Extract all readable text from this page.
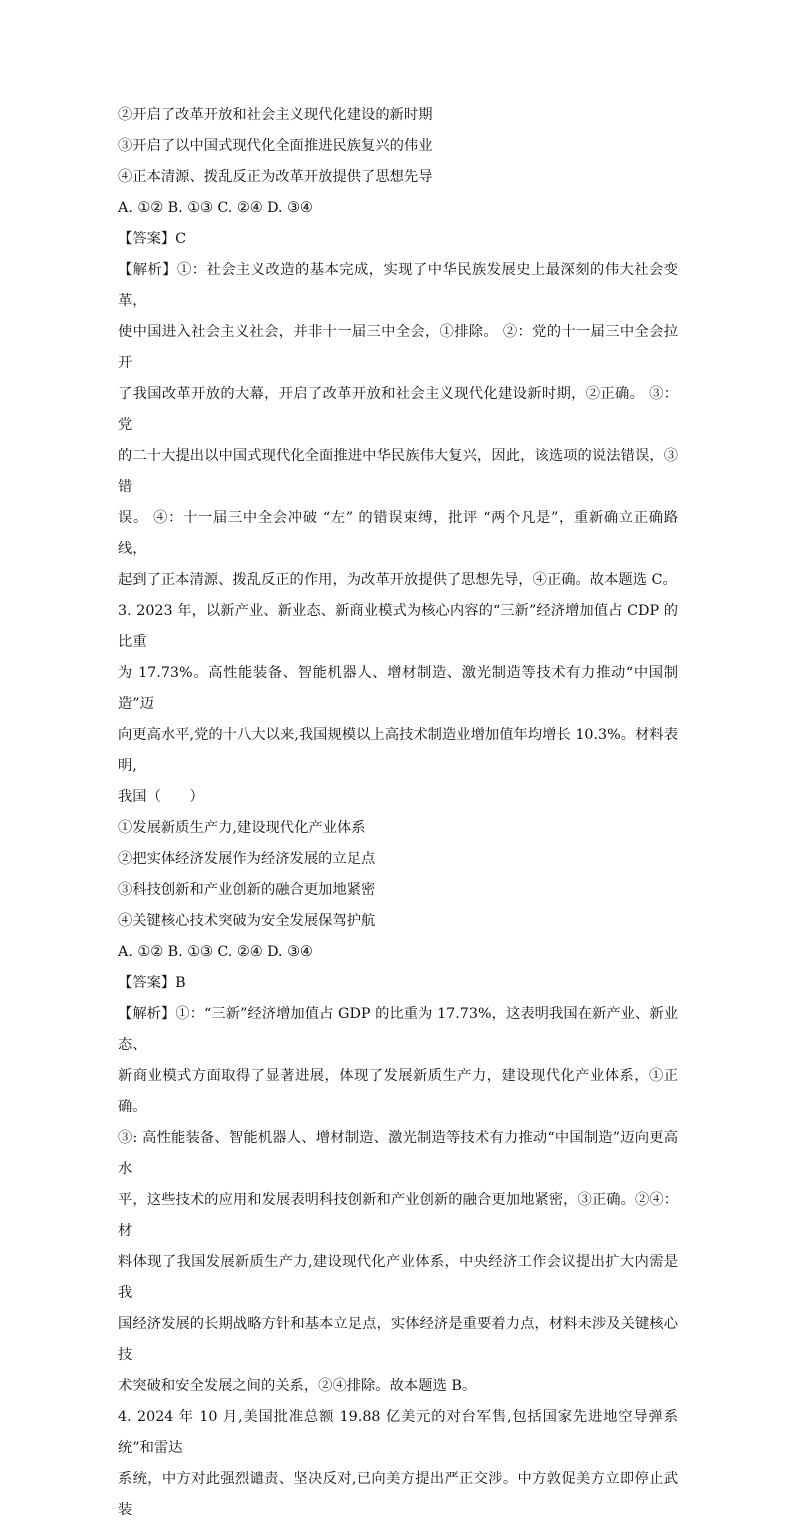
②开启了改革开放和社会主义现代化建设的新时期
③开启了以中国式现代化全面推进民族复兴的伟业
④正本清源、拨乱反正为改革开放提供了思想先导
A. ①② B. ①③ C. ②④ D. ③④
【答案】C
【解析】①：社会主义改造的基本完成，实现了中华民族发展史上最深刻的伟大社会变革，
使中国进入社会主义社会，并非十一届三中全会，①排除。 ②：党的十一届三中全会拉开
了我国改革开放的大幕，开启了改革开放和社会主义现代化建设新时期，②正确。 ③：党
的二十大提出以中国式现代化全面推进中华民族伟大复兴，因此，该选项的说法错误，③错
误。 ④：十一届三中全会冲破 “左” 的错误束缚，批评 “两个凡是”，重新确立正确路线，
起到了正本清源、拨乱反正的作用，为改革开放提供了思想先导，④正确。故本题选 C。
3. 2023 年，以新产业、新业态、新商业模式为核心内容的“三新”经济增加值占 CDP 的比重
为 17.73%。高性能装备、智能机器人、增材制造、激光制造等技术有力推动“中国制造”迈
向更高水平,党的十八大以来,我国规模以上高技术制造业增加值年均增长 10.3%。材料表明,
我国（　　）
①发展新质生产力,建设现代化产业体系
②把实体经济发展作为经济发展的立足点
③科技创新和产业创新的融合更加地紧密
④关键核心技术突破为安全发展保驾护航
A. ①② B. ①③ C. ②④ D. ③④
【答案】B
【解析】①：“三新”经济增加值占 GDP 的比重为 17.73%，这表明我国在新产业、新业态、
新商业模式方面取得了显著进展，体现了发展新质生产力，建设现代化产业体系，①正确。
③: 高性能装备、智能机器人、增材制造、激光制造等技术有力推动“中国制造”迈向更高水
平，这些技术的应用和发展表明科技创新和产业创新的融合更加地紧密，③正确。②④：材
料体现了我国发展新质生产力,建设现代化产业体系，中央经济工作会议提出扩大内需是我
国经济发展的长期战略方针和基本立足点，实体经济是重要着力点，材料未涉及关键核心技
术突破和安全发展之间的关系，②④排除。故本题选 B。
4. 2024 年 10 月,美国批准总额 19.88 亿美元的对台军售,包括国家先进地空导弹系统”和雷达
系统，中方对此强烈谴责、坚决反对,已向美方提出严正交涉。中方敦促美方立即停止武装
